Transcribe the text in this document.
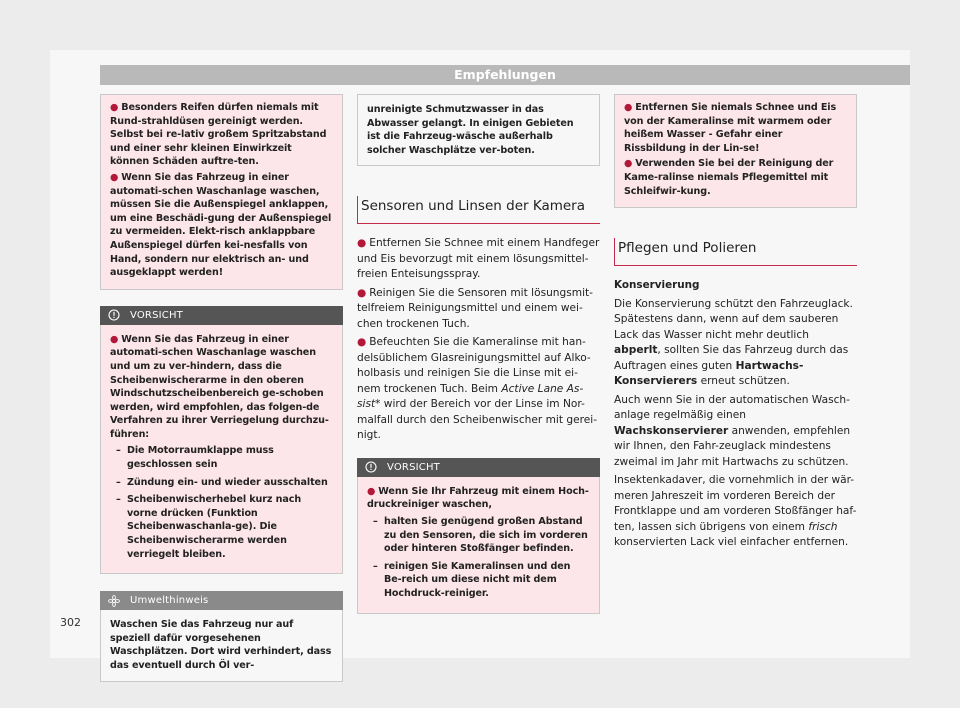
Empfehlungen
● Besonders Reifen dürfen niemals mit Rund-strahldüsen gereinigt werden. Selbst bei re-lativ großem Spritzabstand und einer sehr kleinen Einwirkzeit können Schäden auftre-ten.
● Wenn Sie das Fahrzeug in einer automati-schen Waschanlage waschen, müssen Sie die Außenspiegel anklappen, um eine Beschädi-gung der Außenspiegel zu vermeiden. Elekt-risch anklappbare Außenspiegel dürfen kei-nesfalls von Hand, sondern nur elektrisch an- und ausgeklappt werden!
VORSICHT
● Wenn Sie das Fahrzeug in einer automati-schen Waschanlage waschen und um zu ver-hindern, dass die Scheibenwischerarme in den oberen Windschutzscheibenbereich ge-schoben werden, wird empfohlen, das folgen-de Verfahren zu ihrer Verriegelung durchzu-führen:
– Die Motorraumklappe muss geschlossen sein
– Zündung ein- und wieder ausschalten
– Scheibenwischerhebel kurz nach vorne drücken (Funktion Scheibenwaschanla-ge). Die Scheibenwischerarme werden verriegelt bleiben.
Umwelthinweis
Waschen Sie das Fahrzeug nur auf speziell dafür vorgesehenen Waschplätzen. Dort wird verhindert, dass das eventuell durch Öl ver-
unreinigte Schmutzwasser in das Abwasser gelangt. In einigen Gebieten ist die Fahrzeug-wäsche außerhalb solcher Waschplätze ver-boten.
Sensoren und Linsen der Kamera

● Entfernen Sie Schnee mit einem Handfeger und Eis bevorzugt mit einem lösungsmittel-freien Enteisungsspray.

● Reinigen Sie die Sensoren mit lösungsmit-telfreiem Reinigungsmittel und einem wei-chen trockenen Tuch.

● Befeuchten Sie die Kameralinse mit han-delsüblichem Glasreinigungsmittel auf Alko-holbasis und reinigen Sie die Linse mit ei-nem trockenen Tuch. Beim Active Lane As-sist* wird der Bereich vor der Linse im Nor-malfall durch den Scheibenwischer mit gerei-nigt.

VORSICHT
● Wenn Sie Ihr Fahrzeug mit einem Hoch-druckreiniger waschen,
– halten Sie genügend großen Abstand zu den Sensoren, die sich im vorderen oder hinteren Stoßfänger befinden.
– reinigen Sie Kameralinsen und den Be-reich um diese nicht mit dem Hochdruck-reiniger.
● Entfernen Sie niemals Schnee und Eis von der Kameralinse mit warmem oder heißem Wasser - Gefahr einer Rissbildung in der Lin-se!
● Verwenden Sie bei der Reinigung der Kame-ralinse niemals Pflegemittel mit Schleifwir-kung.
Pflegen und Polieren

Konservierung

Die Konservierung schützt den Fahrzeuglack. Spätestens dann, wenn auf dem sauberen Lack das Wasser nicht mehr deutlich abperlt, sollten Sie das Fahrzeug durch das Auftragen eines guten Hartwachs-Konservierers erneut schützen.

Auch wenn Sie in der automatischen Wasch-anlage regelmäßig einen Wachskonservierer anwenden, empfehlen wir Ihnen, den Fahr-zeuglack mindestens zweimal im Jahr mit Hartwachs zu schützen.

Insektenkadaver, die vornehmlich in der wär-meren Jahreszeit im vorderen Bereich der Frontklappe und am vorderen Stoßfänger haf-ten, lassen sich übrigens von einem frisch konservierten Lack viel einfacher entfernen.

302
